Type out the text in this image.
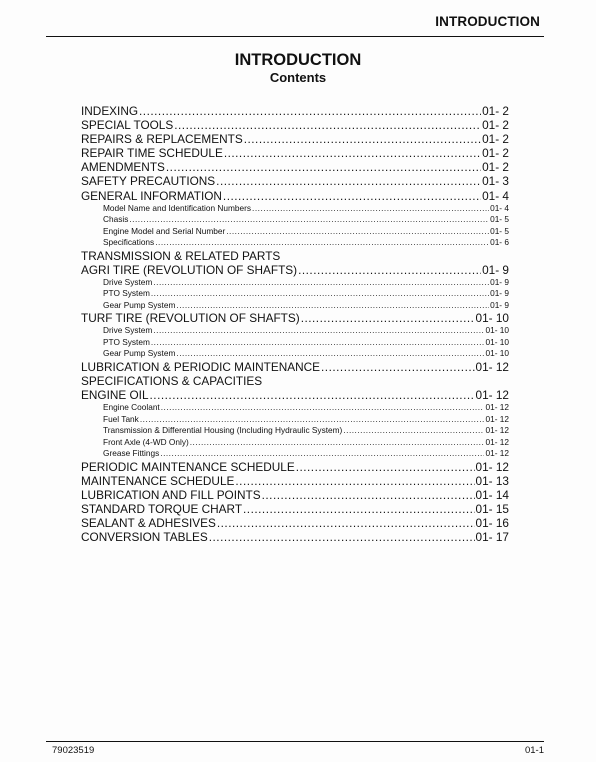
INTRODUCTION
INTRODUCTION
Contents
INDEXING .....	01- 2
SPECIAL TOOLS .....	01- 2
REPAIRS & REPLACEMENTS .....	01- 2
REPAIR TIME SCHEDULE .....	01- 2
AMENDMENTS .....	01- 2
SAFETY PRECAUTIONS .....	01- 3
GENERAL INFORMATION .....	01- 4
Model Name and Identification Numbers .....	01- 4
Chasis .....	01- 5
Engine Model and Serial Number .....	01- 5
Specifications .....	01- 6
TRANSMISSION & RELATED PARTS
AGRI TIRE (REVOLUTION OF SHAFTS) .....	01- 9
Drive System .....	01- 9
PTO System .....	01- 9
Gear Pump System .....	01- 9
TURF TIRE (REVOLUTION OF SHAFTS) .....	01- 10
Drive System .....	01- 10
PTO System .....	01- 10
Gear Pump System .....	01- 10
LUBRICATION & PERIODIC MAINTENANCE .....	01- 12
SPECIFICATIONS & CAPACITIES
ENGINE OIL .....	01- 12
Engine Coolant .....	01- 12
Fuel Tank .....	01- 12
Transmission & Differential Housing (Including Hydraulic System) .....	01- 12
Front Axle (4-WD Only) .....	01- 12
Grease Fittings .....	01- 12
PERIODIC MAINTENANCE SCHEDULE .....	01- 12
MAINTENANCE SCHEDULE .....	01- 13
LUBRICATION AND FILL POINTS .....	01- 14
STANDARD TORQUE CHART .....	01- 15
SEALANT & ADHESIVES .....	01- 16
CONVERSION TABLES .....	01- 17
79023519	01-1
